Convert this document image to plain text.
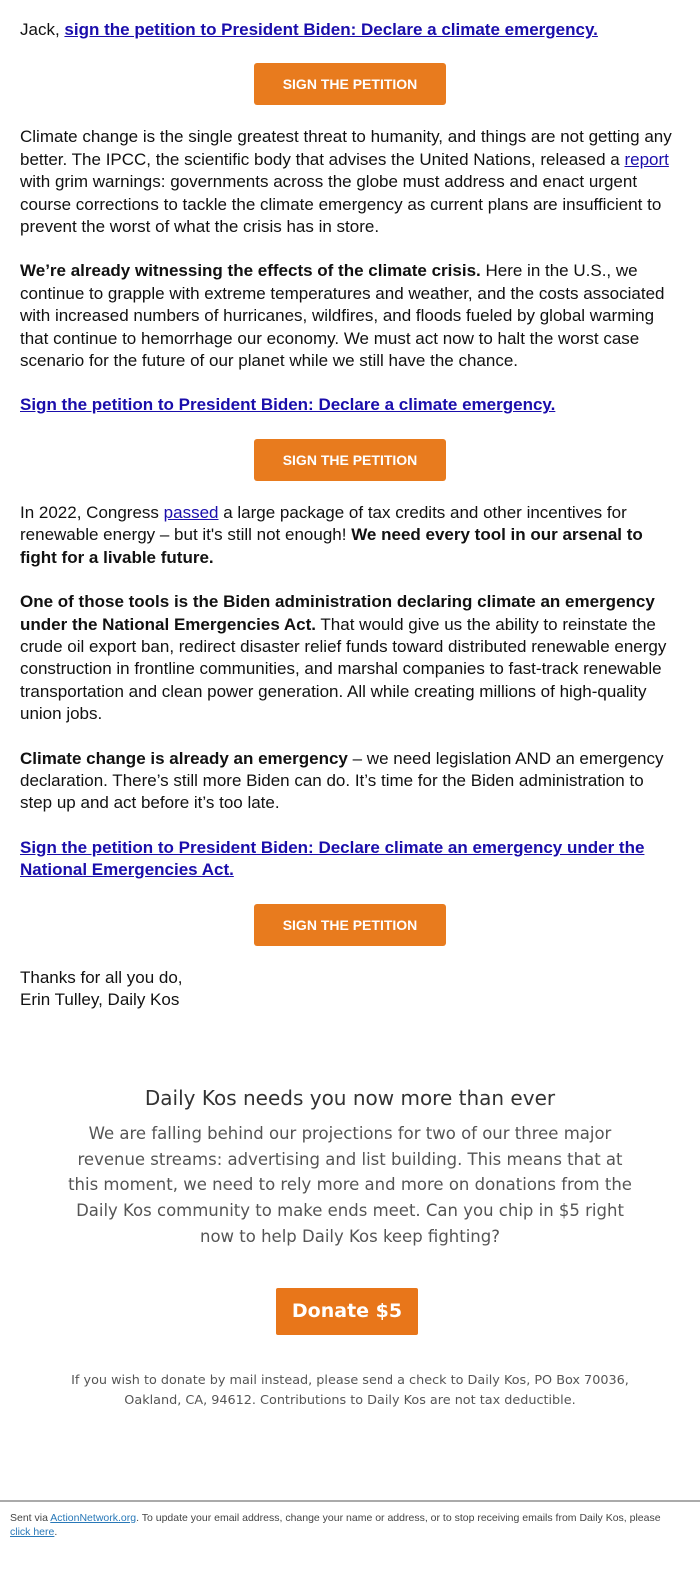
Jack, sign the petition to President Biden: Declare a climate emergency.

SIGN THE PETITION

Climate change is the single greatest threat to humanity, and things are not getting any better. The IPCC, the scientific body that advises the United Nations, released a report with grim warnings: governments across the globe must address and enact urgent course corrections to tackle the climate emergency as current plans are insufficient to prevent the worst of what the crisis has in store.

We’re already witnessing the effects of the climate crisis. Here in the U.S., we continue to grapple with extreme temperatures and weather, and the costs associated with increased numbers of hurricanes, wildfires, and floods fueled by global warming that continue to hemorrhage our economy. We must act now to halt the worst case scenario for the future of our planet while we still have the chance.

Sign the petition to President Biden: Declare a climate emergency.

SIGN THE PETITION

In 2022, Congress passed a large package of tax credits and other incentives for renewable energy – but it's still not enough! We need every tool in our arsenal to fight for a livable future.

One of those tools is the Biden administration declaring climate an emergency under the National Emergencies Act. That would give us the ability to reinstate the crude oil export ban, redirect disaster relief funds toward distributed renewable energy construction in frontline communities, and marshal companies to fast-track renewable transportation and clean power generation. All while creating millions of high-quality union jobs.

Climate change is already an emergency – we need legislation AND an emergency declaration. There’s still more Biden can do. It’s time for the Biden administration to step up and act before it’s too late.

Sign the petition to President Biden: Declare climate an emergency under the National Emergencies Act.

SIGN THE PETITION

Thanks for all you do,
Erin Tulley, Daily Kos

Daily Kos needs you now more than ever
We are falling behind our projections for two of our three major revenue streams: advertising and list building. This means that at this moment, we need to rely more and more on donations from the Daily Kos community to make ends meet. Can you chip in $5 right now to help Daily Kos keep fighting?
Donate $5
If you wish to donate by mail instead, please send a check to Daily Kos, PO Box 70036, Oakland, CA, 94612. Contributions to Daily Kos are not tax deductible.
Sent via ActionNetwork.org. To update your email address, change your name or address, or to stop receiving emails from Daily Kos, please click here.
